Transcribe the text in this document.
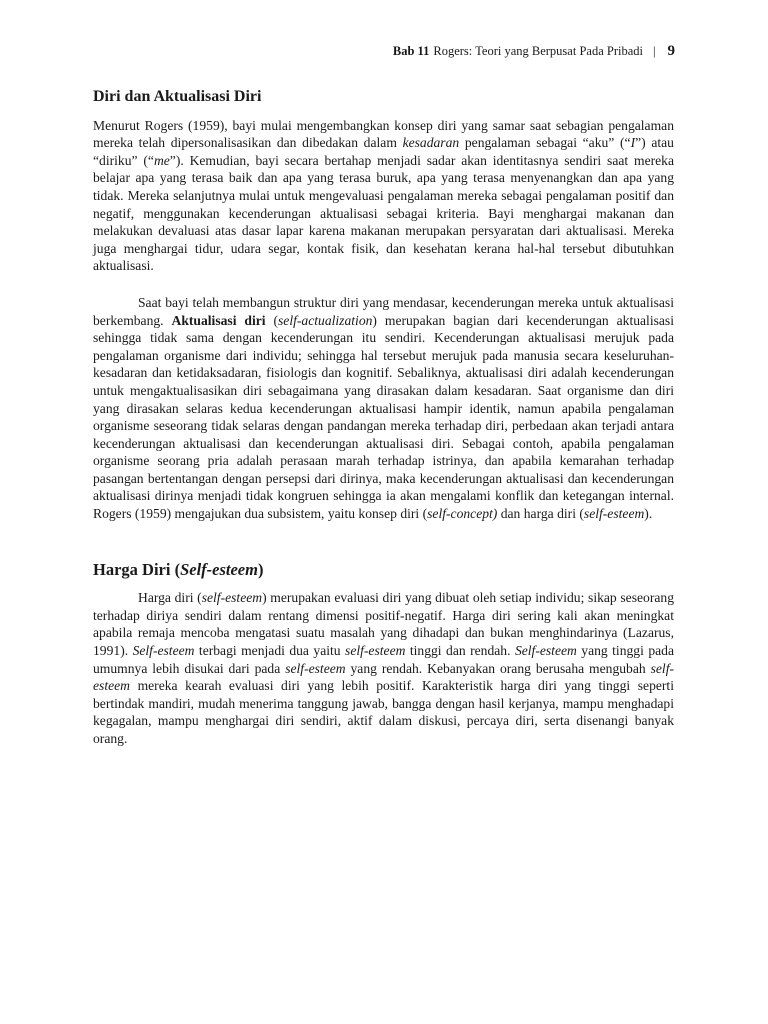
Bab 11 Rogers: Teori yang Berpusat Pada Pribadi | 9
Diri dan Aktualisasi Diri

Menurut Rogers (1959), bayi mulai mengembangkan konsep diri yang samar saat sebagian pengalaman mereka telah dipersonalisasikan dan dibedakan dalam kesadaran pengalaman sebagai “aku” (“I”) atau “diriku” (“me”). Kemudian, bayi secara bertahap menjadi sadar akan identitasnya sendiri saat mereka belajar apa yang terasa baik dan apa yang terasa buruk, apa yang terasa menyenangkan dan apa yang tidak. Mereka selanjutnya mulai untuk mengevaluasi pengalaman mereka sebagai pengalaman positif dan negatif, menggunakan kecenderungan aktualisasi sebagai kriteria. Bayi menghargai makanan dan melakukan devaluasi atas dasar lapar karena makanan merupakan persyaratan dari aktualisasi. Mereka juga menghargai tidur, udara segar, kontak fisik, dan kesehatan kerana hal-hal tersebut dibutuhkan aktualisasi.

Saat bayi telah membangun struktur diri yang mendasar, kecenderungan mereka untuk aktualisasi berkembang. Aktualisasi diri (self-actualization) merupakan bagian dari kecenderungan aktualisasi sehingga tidak sama dengan kecenderungan itu sendiri. Kecenderungan aktualisasi merujuk pada pengalaman organisme dari individu; sehingga hal tersebut merujuk pada manusia secara keseluruhan-kesadaran dan ketidaksadaran, fisiologis dan kognitif. Sebaliknya, aktualisasi diri adalah kecenderungan untuk mengaktualisasikan diri sebagaimana yang dirasakan dalam kesadaran. Saat organisme dan diri yang dirasakan selaras kedua kecenderungan aktualisasi hampir identik, namun apabila pengalaman organisme seseorang tidak selaras dengan pandangan mereka terhadap diri, perbedaan akan terjadi antara kecenderungan aktualisasi dan kecenderungan aktualisasi diri. Sebagai contoh, apabila pengalaman organisme seorang pria adalah perasaan marah terhadap istrinya, dan apabila kemarahan terhadap pasangan bertentangan dengan persepsi dari dirinya, maka kecenderungan aktualisasi dan kecenderungan aktualisasi dirinya menjadi tidak kongruen sehingga ia akan mengalami konflik dan ketegangan internal. Rogers (1959) mengajukan dua subsistem, yaitu konsep diri (self-concept) dan harga diri (self-esteem).

Harga Diri (Self-esteem)

Harga diri (self-esteem) merupakan evaluasi diri yang dibuat oleh setiap individu; sikap seseorang terhadap diriya sendiri dalam rentang dimensi positif-negatif. Harga diri sering kali akan meningkat apabila remaja mencoba mengatasi suatu masalah yang dihadapi dan bukan menghindarinya (Lazarus, 1991). Self-esteem terbagi menjadi dua yaitu self-esteem tinggi dan rendah. Self-esteem yang tinggi pada umumnya lebih disukai dari pada self-esteem yang rendah. Kebanyakan orang berusaha mengubah self-esteem mereka kearah evaluasi diri yang lebih positif. Karakteristik harga diri yang tinggi seperti bertindak mandiri, mudah menerima tanggung jawab, bangga dengan hasil kerjanya, mampu menghadapi kegagalan, mampu menghargai diri sendiri, aktif dalam diskusi, percaya diri, serta disenangi banyak orang.
